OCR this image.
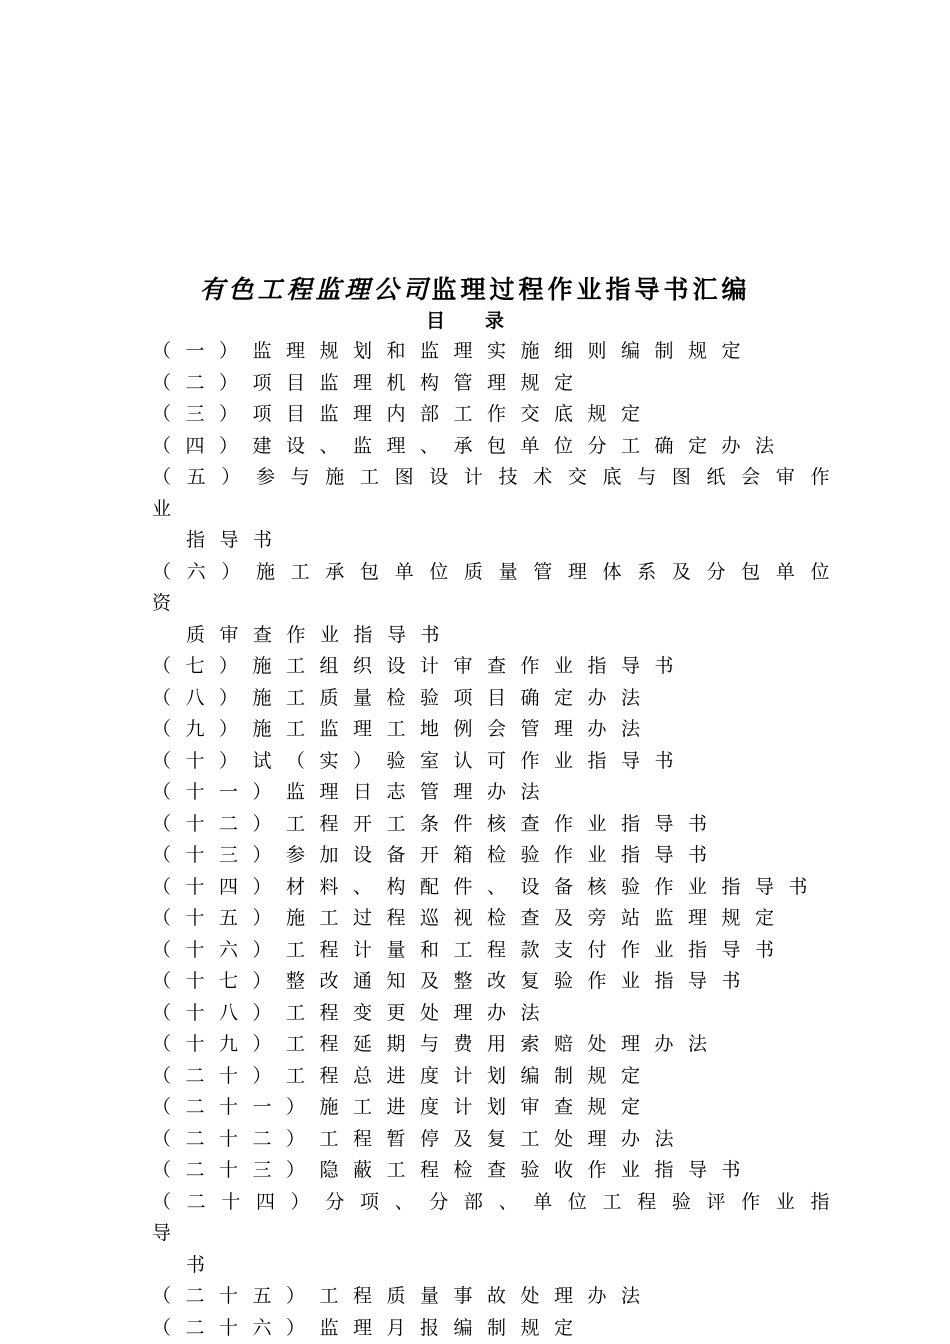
有色工程监理公司监理过程作业指导书汇编
目录
（一）监理规划和监理实施细则编制规定
（二）项目监理机构管理规定
（三）项目监理内部工作交底规定
（四）建设、监理、承包单位分工确定办法
（五）参与施工图设计技术交底与图纸会审作业
指导书
（六）施工承包单位质量管理体系及分包单位资
质审查作业指导书
（七）施工组织设计审查作业指导书
（八）施工质量检验项目确定办法
（九）施工监理工地例会管理办法
（十）试（实）验室认可作业指导书
（十一）监理日志管理办法
（十二）工程开工条件核查作业指导书
（十三）参加设备开箱检验作业指导书
（十四）材料、构配件、设备核验作业指导书
（十五）施工过程巡视检查及旁站监理规定
（十六）工程计量和工程款支付作业指导书
（十七）整改通知及整改复验作业指导书
（十八）工程变更处理办法
（十九）工程延期与费用索赔处理办法
（二十）工程总进度计划编制规定
（二十一）施工进度计划审查规定
（二十二）工程暂停及复工处理办法
（二十三）隐蔽工程检查验收作业指导书
（二十四）分项、分部、单位工程验评作业指导
书
（二十五）工程质量事故处理办法
（二十六）监理月报编制规定
